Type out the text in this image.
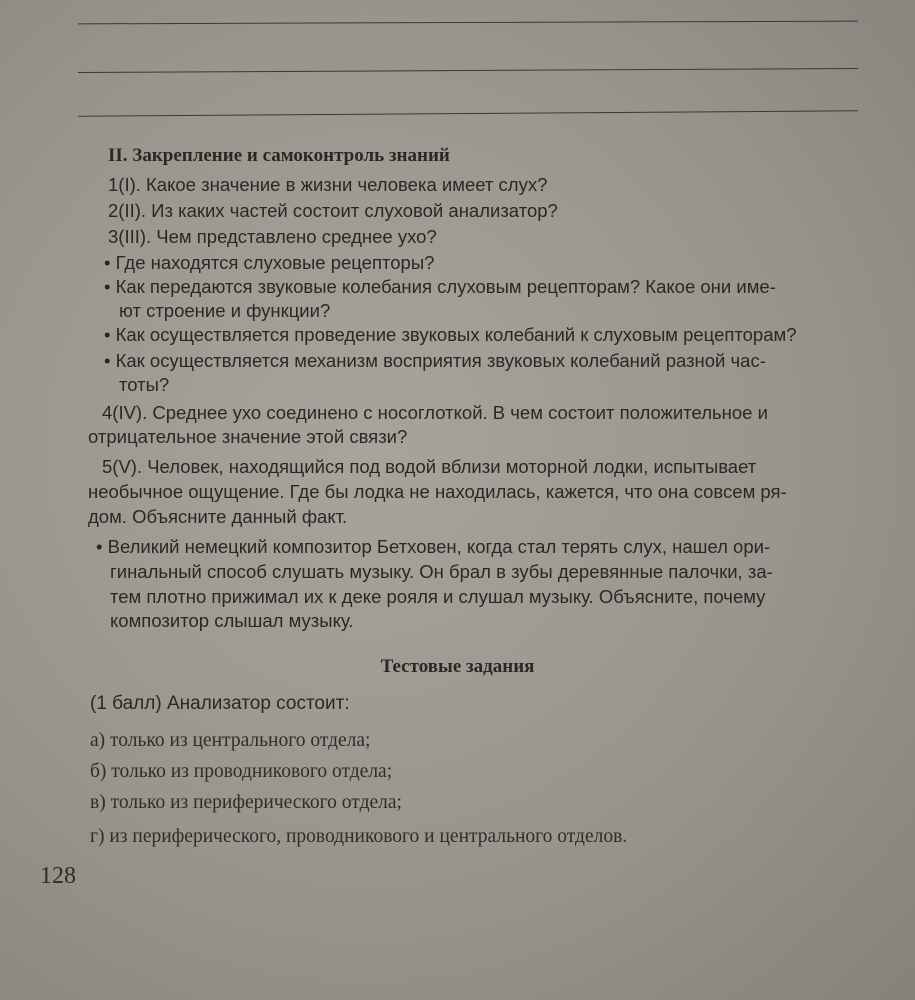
II. Закрепление и самоконтроль знаний
1(I). Какое значение в жизни человека имеет слух?
2(II). Из каких частей состоит слуховой анализатор?
3(III). Чем представлено среднее ухо?
• Где находятся слуховые рецепторы?
• Как передаются звуковые колебания слуховым рецепторам? Какое они име-
ют строение и функции?
• Как осуществляется проведение звуковых колебаний к слуховым рецепторам?
• Как осуществляется механизм восприятия звуковых колебаний разной час-
тоты?
4(IV). Среднее ухо соединено с носоглоткой. В чем состоит положительное и
отрицательное значение этой связи?
5(V). Человек, находящийся под водой вблизи моторной лодки, испытывает
необычное ощущение. Где бы лодка не находилась, кажется, что она совсем ря-
дом. Объясните данный факт.
• Великий немецкий композитор Бетховен, когда стал терять слух, нашел ори-
гинальный способ слушать музыку. Он брал в зубы деревянные палочки, за-
тем плотно прижимал их к деке рояля и слушал музыку. Объясните, почему
композитор слышал музыку.
Тестовые задания
(1 балл) Анализатор состоит:
а) только из центрального отдела;
б) только из проводникового отдела;
в) только из периферического отдела;
г) из периферического, проводникового и центрального отделов.
128
